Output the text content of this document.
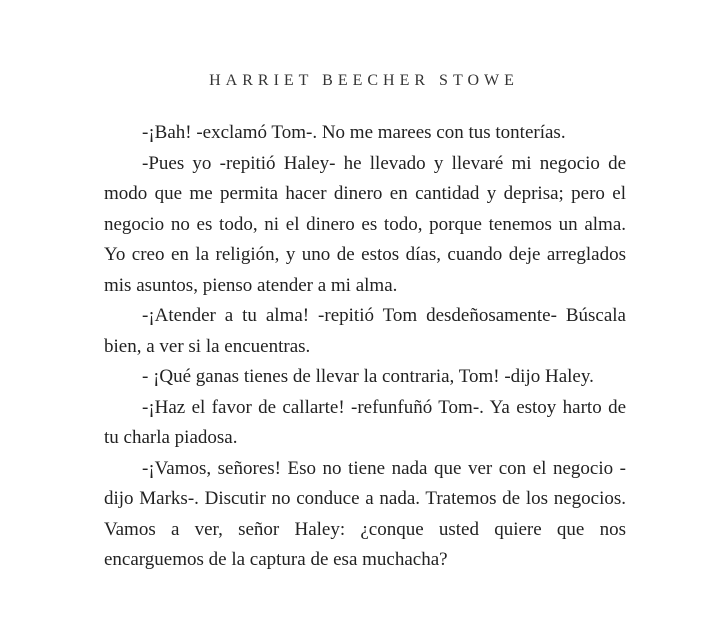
HARRIET BEECHER STOWE

-¡Bah! -exclamó Tom-. No me marees con tus tonterías.

-Pues yo -repitió Haley- he llevado y llevaré mi negocio de modo que me permita hacer dinero en cantidad y deprisa; pero el negocio no es todo, ni el dinero es todo, porque tenemos un alma. Yo creo en la religión, y uno de estos días, cuando deje arreglados mis asuntos, pienso atender a mi alma.

-¡Atender a tu alma! -repitió Tom desdeñosamente- Búscala bien, a ver si la encuentras.

- ¡Qué ganas tienes de llevar la contraria, Tom! -dijo Haley.

-¡Haz el favor de callarte! -refunfuñó Tom-. Ya estoy harto de tu charla piadosa.

-¡Vamos, señores! Eso no tiene nada que ver con el negocio -dijo Marks-. Discutir no conduce a nada. Tratemos de los negocios. Vamos a ver, señor Haley: ¿conque usted quiere que nos encarguemos de la captura de esa muchacha?
